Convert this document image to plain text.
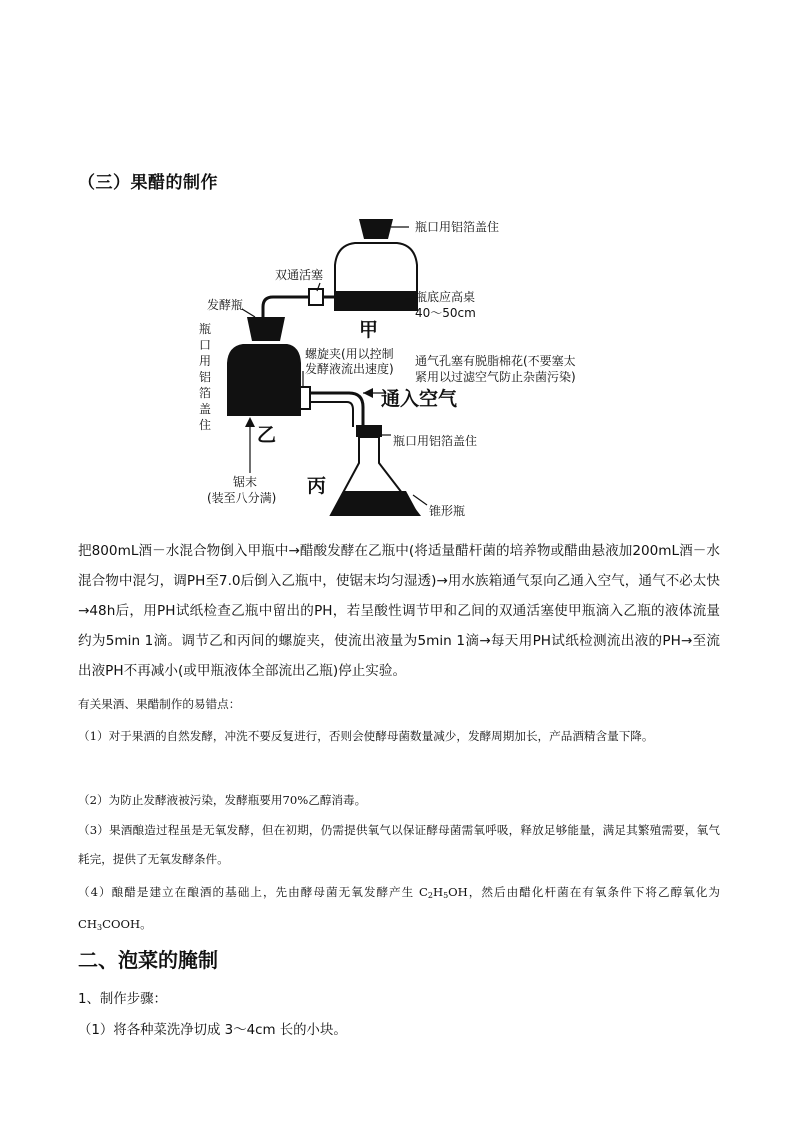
（三）果醋的制作
瓶口用铝箔盖住
双通活塞
瓶底应高桌
40～50cm
甲
发酵瓶
瓶
口
用
铝
箔
盖
住
螺旋夹(用以控制
发酵液流出速度)
通气孔塞有脱脂棉花(不要塞太
紧用以过滤空气防止杂菌污染)
通入空气
乙	瓶口用铝箔盖住
锯末
(装至八分满)
丙
锥形瓶
把800mL酒－水混合物倒入甲瓶中→醋酸发酵在乙瓶中(将适量醋杆菌的培养物或醋曲悬液加200mL酒－水混合物中混匀，调PH至7.0后倒入乙瓶中，使锯末均匀湿透)→用水族箱通气泵向乙通入空气，通气不必太快→48h后，用PH试纸检查乙瓶中留出的PH，若呈酸性调节甲和乙间的双通活塞使甲瓶滴入乙瓶的液体流量约为5min 1滴。调节乙和丙间的螺旋夹，使流出液量为5min 1滴→每天用PH试纸检测流出液的PH→至流出液PH不再减小(或甲瓶液体全部流出乙瓶)停止实验。
有关果酒、果醋制作的易错点：
（1）对于果酒的自然发酵，冲洗不要反复进行，否则会使酵母菌数量减少，发酵周期加长，产品酒精含量下降。
（2）为防止发酵液被污染，发酵瓶要用70%乙醇消毒。
（3）果酒酿造过程虽是无氧发酵，但在初期，仍需提供氧气以保证酵母菌需氧呼吸，释放足够能量，满足其繁殖需要，氧气耗完，提供了无氧发酵条件。
（4）酿醋是建立在酿酒的基础上，先由酵母菌无氧发酵产生 $C_2H_5OH$，然后由醋化杆菌在有氧条件下将乙醇氧化为 $CH_3COOH$。
二、泡菜的腌制
1、制作步骤：
（1）将各种菜洗净切成 3～4cm 长的小块。
